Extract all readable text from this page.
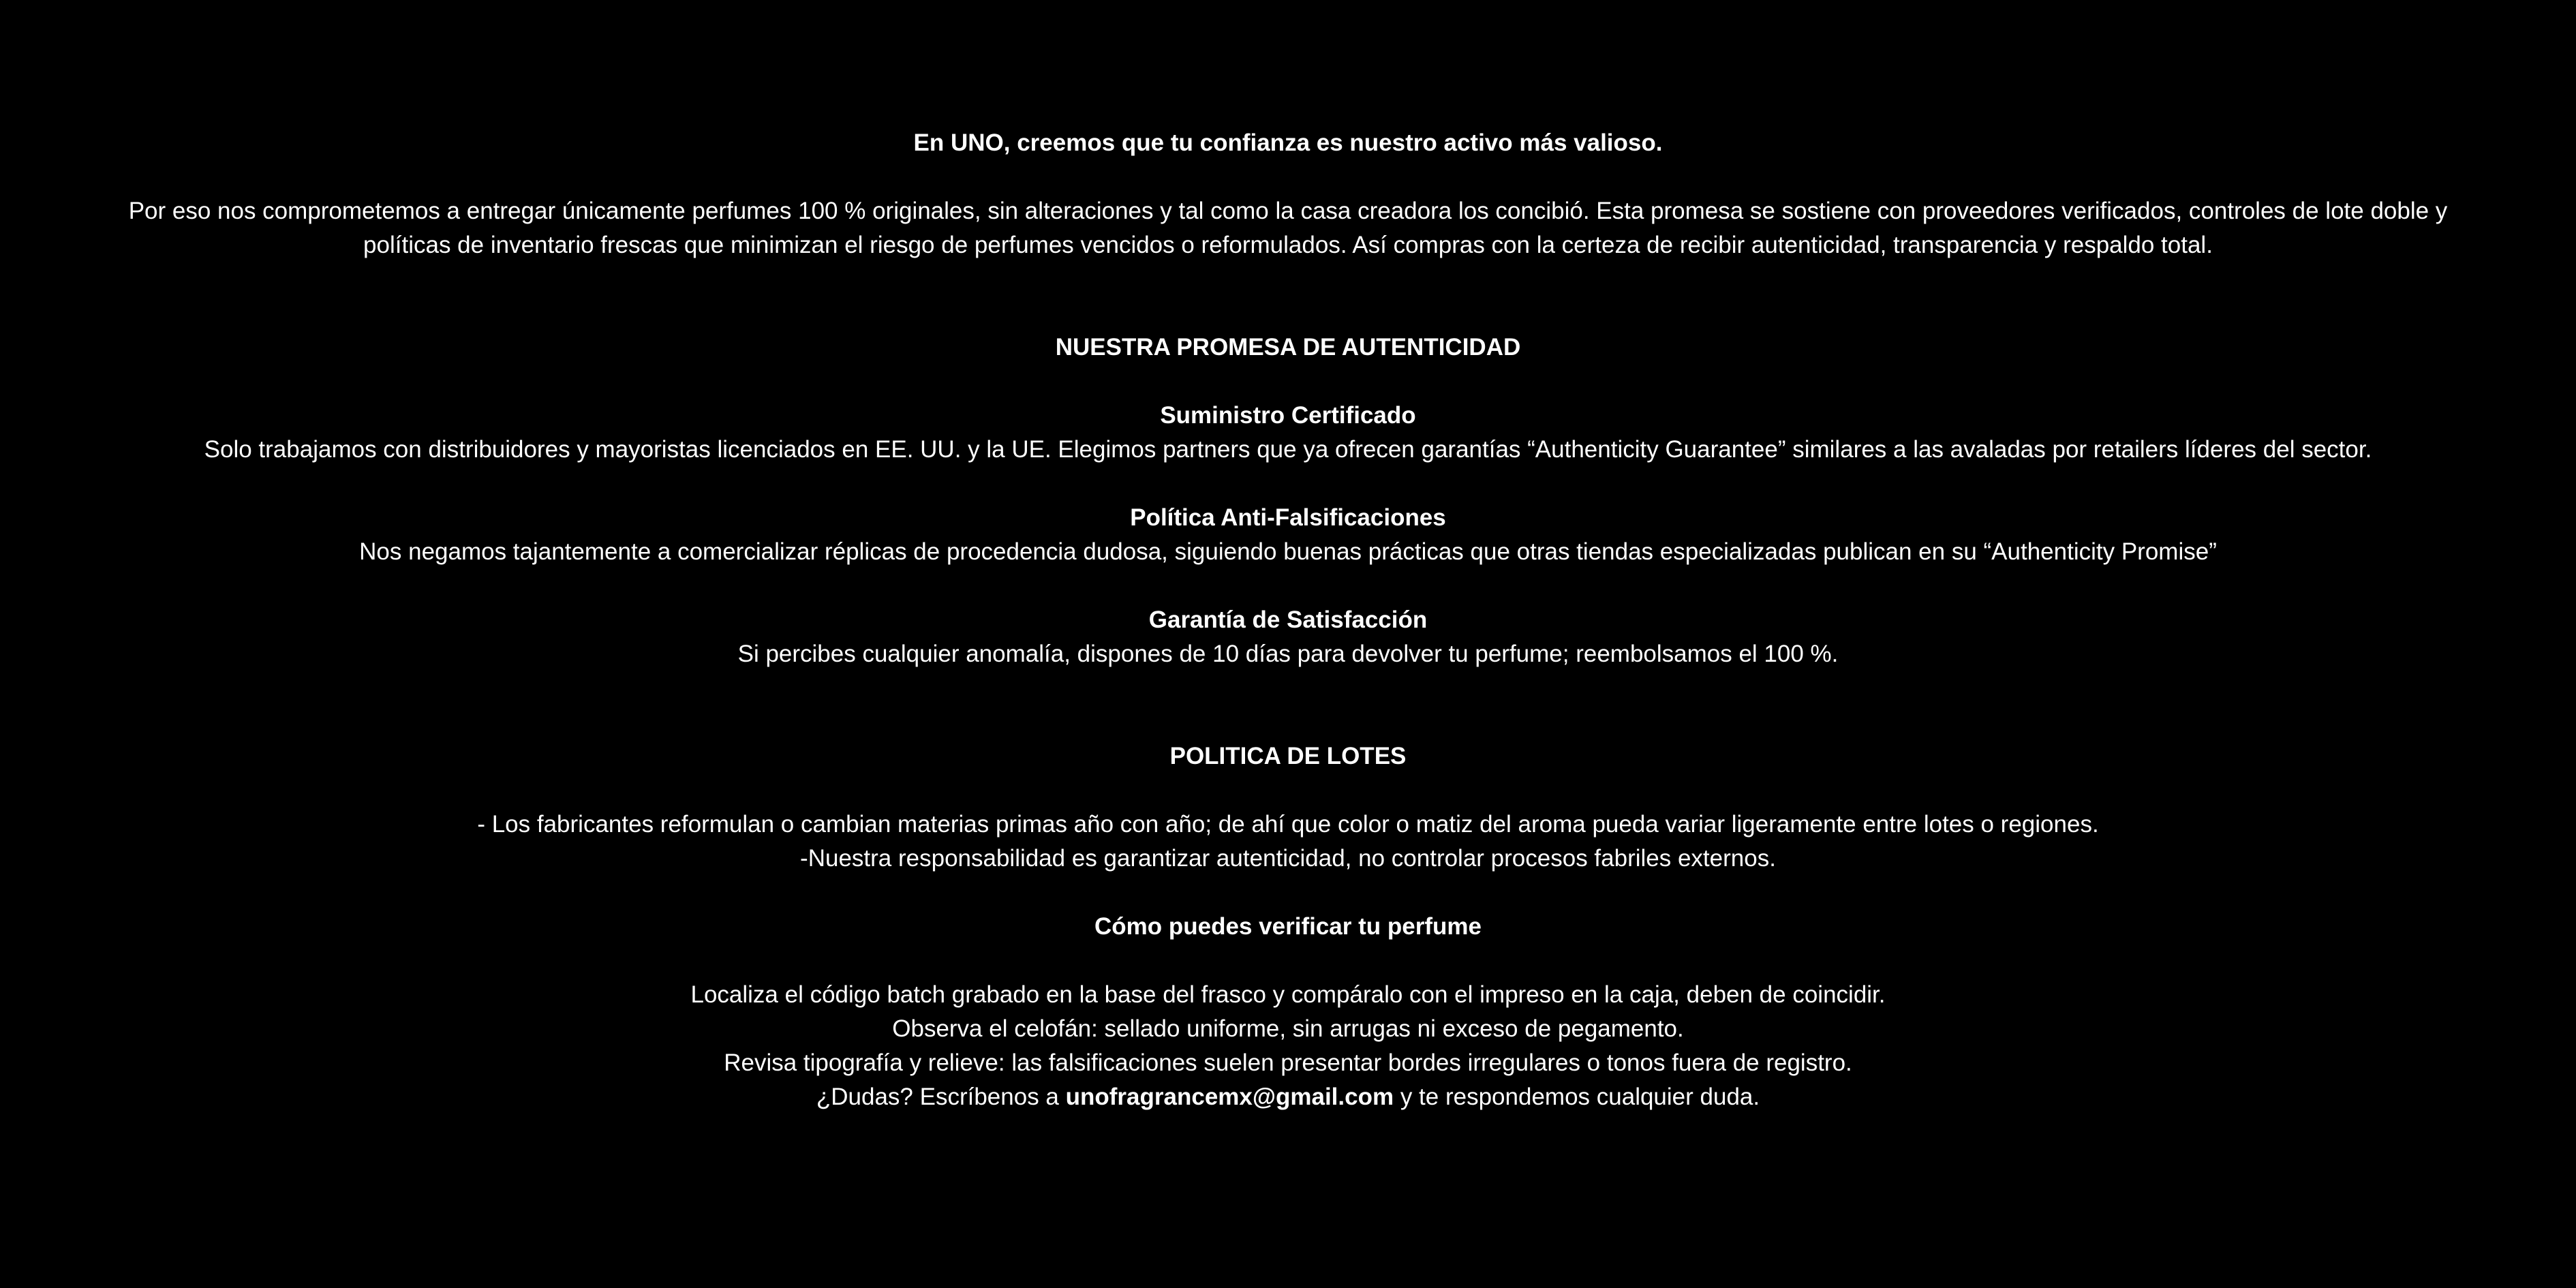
En UNO, creemos que tu confianza es nuestro activo más valioso.
Por eso nos comprometemos a entregar únicamente perfumes 100 % originales, sin alteraciones y tal como la casa creadora los concibió. Esta promesa se sostiene con proveedores verificados, controles de lote doble y
políticas de inventario frescas que minimizan el riesgo de perfumes vencidos o reformulados. Así compras con la certeza de recibir autenticidad, transparencia y respaldo total.
NUESTRA PROMESA DE AUTENTICIDAD
Suministro Certificado
Solo trabajamos con distribuidores y mayoristas licenciados en EE. UU. y la UE. Elegimos partners que ya ofrecen garantías “Authenticity Guarantee” similares a las avaladas por retailers líderes del sector.
Política Anti-Falsificaciones
Nos negamos tajantemente a comercializar réplicas de procedencia dudosa, siguiendo buenas prácticas que otras tiendas especializadas publican en su “Authenticity Promise”
Garantía de Satisfacción
Si percibes cualquier anomalía, dispones de 10 días para devolver tu perfume; reembolsamos el 100 %.
POLITICA DE LOTES
- Los fabricantes reformulan o cambian materias primas año con año; de ahí que color o matiz del aroma pueda variar ligeramente entre lotes o regiones.
-Nuestra responsabilidad es garantizar autenticidad, no controlar procesos fabriles externos.
Cómo puedes verificar tu perfume
Localiza el código batch grabado en la base del frasco y compáralo con el impreso en la caja, deben de coincidir.
Observa el celofán: sellado uniforme, sin arrugas ni exceso de pegamento.
Revisa tipografía y relieve: las falsificaciones suelen presentar bordes irregulares o tonos fuera de registro.
¿Dudas? Escríbenos a unofragrancemx@gmail.com y te respondemos cualquier duda.
